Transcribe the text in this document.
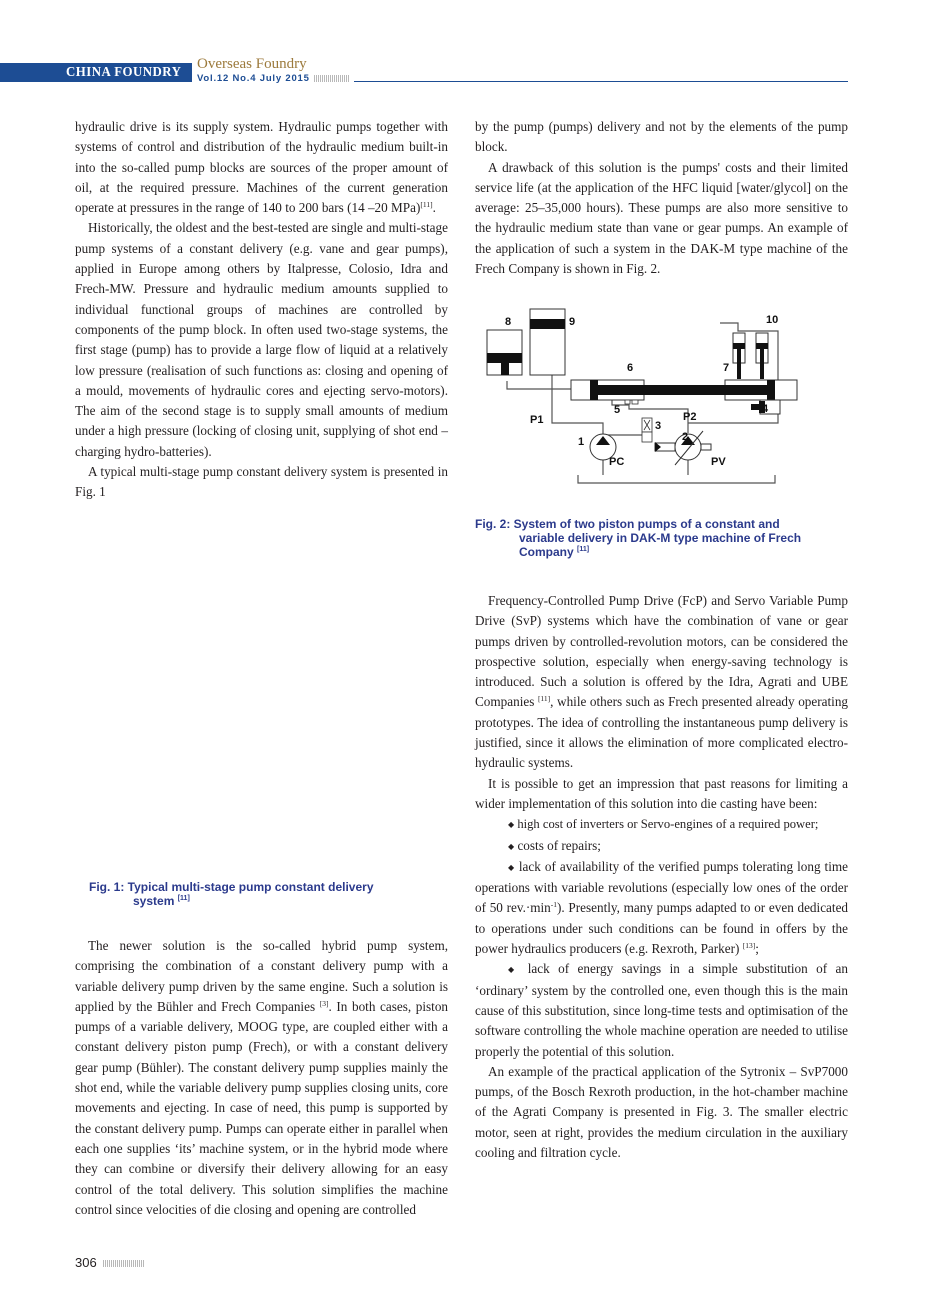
CHINA FOUNDRY
Overseas Foundry
Vol.12 No.4 July 2015

hydraulic drive is its supply system. Hydraulic pumps together with systems of control and distribution of the hydraulic medium built-in into the so-called pump blocks are sources of the proper amount of oil, at the required pressure. Machines of the current generation operate at pressures in the range of 140 to 200 bars (14 –20 MPa)[11].

Historically, the oldest and the best-tested are single and multi-stage pump systems of a constant delivery (e.g. vane and gear pumps), applied in Europe among others by Italpresse, Colosio, Idra and Frech-MW. Pressure and hydraulic medium amounts supplied to individual functional groups of machines are controlled by components of the pump block. In often used two-stage systems, the first stage (pump) has to provide a large flow of liquid at a relatively low pressure (realisation of such functions as: closing and opening of a mould, movements of hydraulic cores and ejecting servo-motors). The aim of the second stage is to supply small amounts of medium under a high pressure (locking of closing unit, supplying of shot end – charging hydro-batteries).

A typical multi-stage pump constant delivery system is presented in Fig. 1

Fig. 1: Typical multi-stage pump constant delivery
system [11]

The newer solution is the so-called hybrid pump system, comprising the combination of a constant delivery pump with a variable delivery pump driven by the same engine. Such a solution is applied by the Bühler and Frech Companies [3]. In both cases, piston pumps of a variable delivery, MOOG type, are coupled either with a constant delivery piston pump (Frech), or with a constant delivery gear pump (Bühler). The constant delivery pump supplies mainly the shot end, while the variable delivery pump supplies closing units, core movements and ejecting. In case of need, this pump is supported by the constant delivery pump. Pumps can operate either in parallel when each one supplies ‘its’ machine system, or in the hybrid mode where they can combine or diversify their delivery allowing for an easy control of the total delivery. This solution simplifies the machine control since velocities of die closing and opening are controlled

by the pump (pumps) delivery and not by the elements of the pump block.

A drawback of this solution is the pumps' costs and their limited service life (at the application of the HFC liquid [water/glycol] on the average: 25–35,000 hours). These pumps are also more sensitive to the hydraulic medium state than vane or gear pumps. An example of the application of such a system in the DAK-M type machine of the Frech Company is shown in Fig. 2.

8	9
6	7
10
4
5
3
P2
P1
1	2
PC	PV
Fig. 2: System of two piston pumps of a constant and
variable delivery in DAK-M type machine of Frech
Company [11]

Frequency-Controlled Pump Drive (FcP) and Servo Variable Pump Drive (SvP) systems which have the combination of vane or gear pumps driven by controlled-revolution motors, can be considered the prospective solution, especially when energy-saving technology is introduced. Such a solution is offered by the Idra, Agrati and UBE Companies [11], while others such as Frech presented already operating prototypes. The idea of controlling the instantaneous pump delivery is justified, since it allows the elimination of more complicated electro-hydraulic systems.

It is possible to get an impression that past reasons for limiting a wider implementation of this solution into die casting have been:

◆ high cost of inverters or Servo-engines of a required power;

◆ costs of repairs;

◆ lack of availability of the verified pumps tolerating long time operations with variable revolutions (especially low ones of the order of 50 $rev.\cdot\min^{-1}$). Presently, many pumps adapted to or even dedicated to operations under such conditions can be found in offers by the power hydraulics producers (e.g. Rexroth, Parker) [13];

◆ lack of energy savings in a simple substitution of an ‘ordinary’ system by the controlled one, even though this is the main cause of this substitution, since long-time tests and optimisation of the software controlling the whole machine operation are needed to utilise properly the potential of this solution.

An example of the practical application of the Sytronix – SvP7000 pumps, of the Bosch Rexroth production, in the hot-chamber machine of the Agrati Company is presented in Fig. 3. The smaller electric motor, seen at right, provides the medium circulation in the auxiliary cooling and filtration cycle.

306
